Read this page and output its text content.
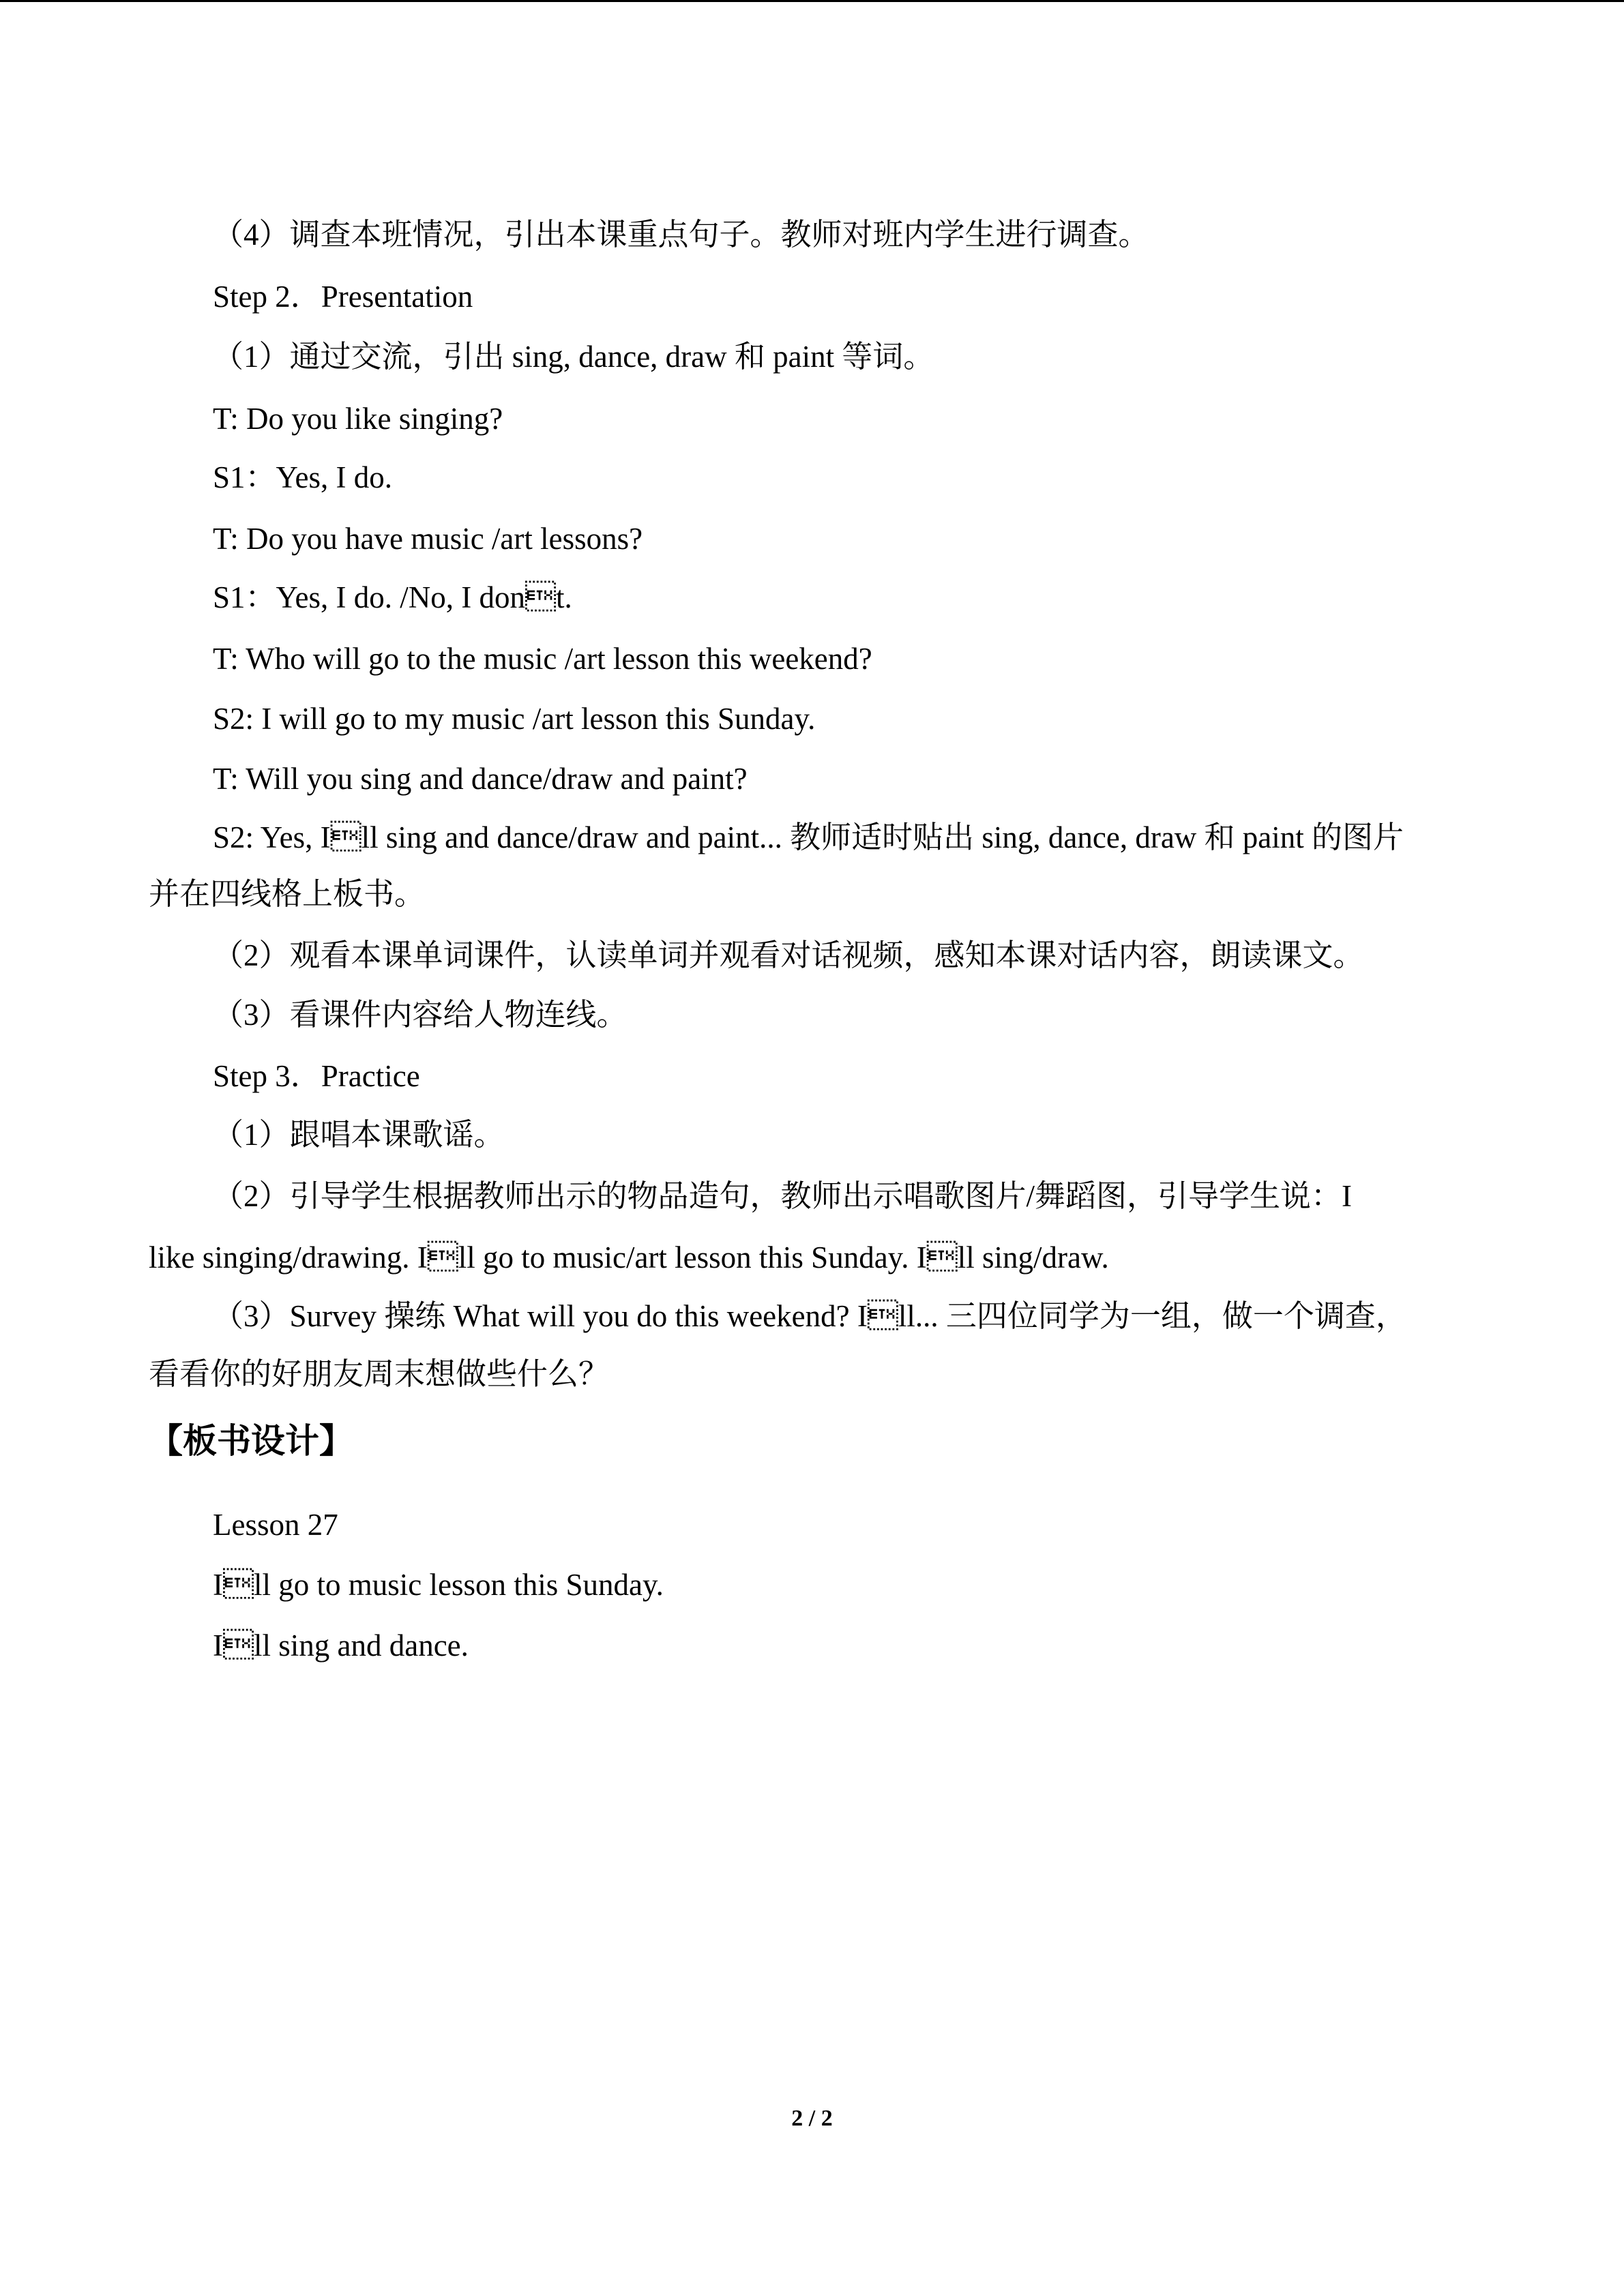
（4）调查本班情况，引出本课重点句子。教师对班内学生进行调查。
Step 2．Presentation
（1）通过交流，引出 sing, dance, draw 和 paint 等词。
T: Do you like singing?
S1：Yes, I do.
T: Do you have music /art lessons?
S1：Yes, I do. /No, I dont.
T: Who will go to the music /art lesson this weekend?
S2: I will go to my music /art lesson this Sunday.
T: Will you sing and dance/draw and paint?
S2: Yes, Ill sing and dance/draw and paint... 教师适时贴出 sing, dance, draw 和 paint 的图片
并在四线格上板书。
（2）观看本课单词课件，认读单词并观看对话视频，感知本课对话内容，朗读课文。
（3）看课件内容给人物连线。
Step 3．Practice
（1）跟唱本课歌谣。
（2）引导学生根据教师出示的物品造句，教师出示唱歌图片/舞蹈图，引导学生说：I
like singing/drawing. Ill go to music/art lesson this Sunday. Ill sing/draw.
（3）Survey 操练 What will you do this weekend? Ill... 三四位同学为一组，做一个调查，
看看你的好朋友周末想做些什么？
【板书设计】
Lesson 27
Ill go to music lesson this Sunday.
Ill sing and dance.
2 / 2
